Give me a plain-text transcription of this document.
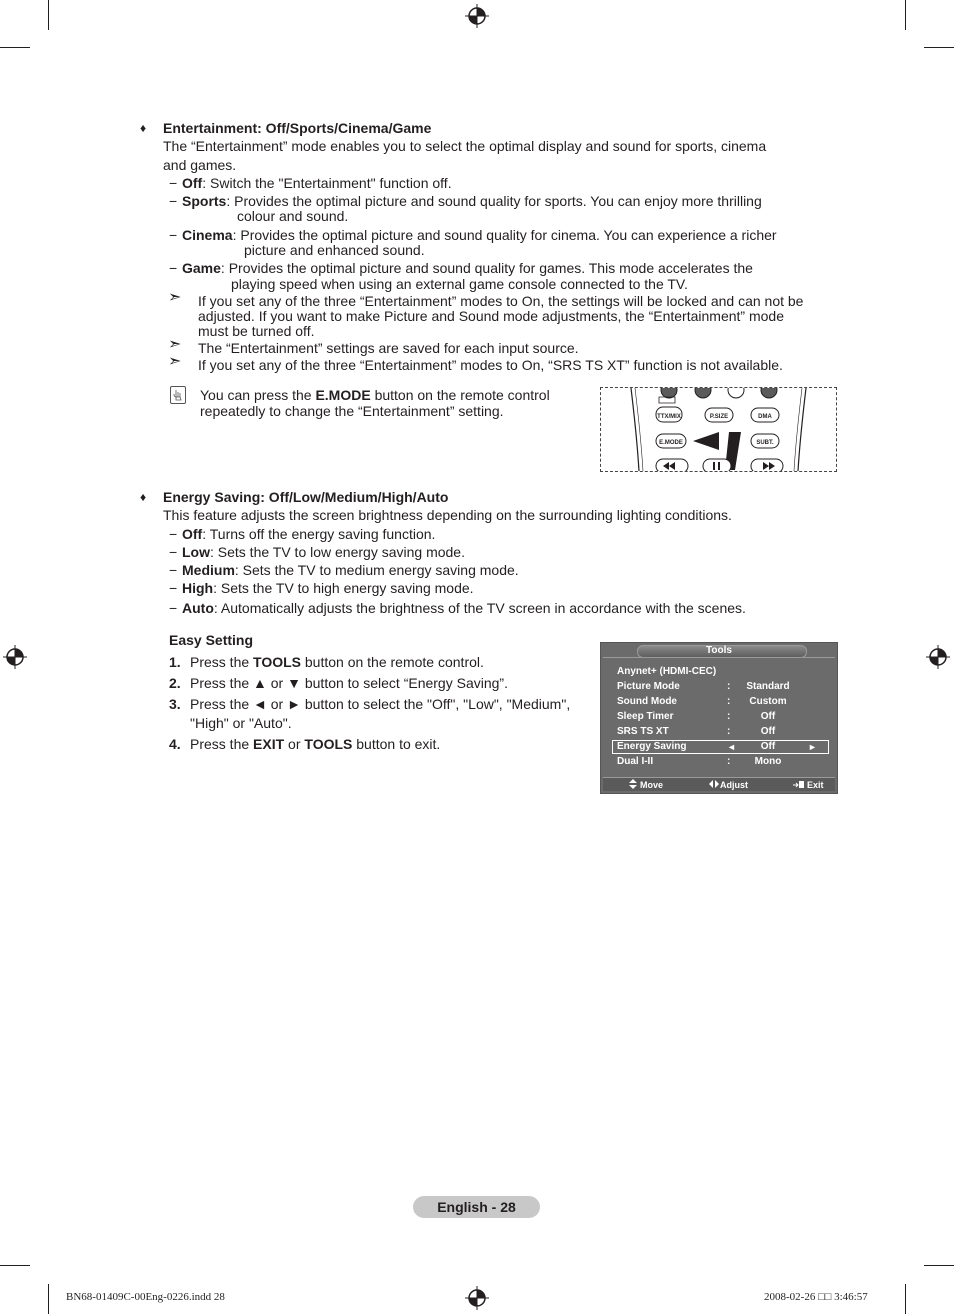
♦ Entertainment: Off/Sports/Cinema/Game
The “Entertainment” mode enables you to select the optimal display and sound for sports, cinema
and games.
− Off: Switch the "Entertainment" function off.
− Sports: Provides the optimal picture and sound quality for sports. You can enjoy more thrilling
colour and sound.
− Cinema: Provides the optimal picture and sound quality for cinema. You can experience a richer
picture and enhanced sound.
− Game: Provides the optimal picture and sound quality for games. This mode accelerates the
playing speed when using an external game console connected to the TV.
➣ If you set any of the three “Entertainment” modes to On, the settings will be locked and can not be
adjusted. If you want to make Picture and Sound mode adjustments, the “Entertainment” mode
must be turned off.
➣ The “Entertainment” settings are saved for each input source.
➣ If you set any of the three “Entertainment” modes to On, “SRS TS XT” function is not available.
You can press the E.MODE button on the remote control
repeatedly to change the “Entertainment” setting.	TTX/MIX	P.SIZE	DMA
E.MODE	SUBT.
♦ Energy Saving: Off/Low/Medium/High/Auto
This feature adjusts the screen brightness depending on the surrounding lighting conditions.
− Off: Turns off the energy saving function.
− Low: Sets the TV to low energy saving mode.
− Medium: Sets the TV to medium energy saving mode.
− High: Sets the TV to high energy saving mode.
− Auto: Automatically adjusts the brightness of the TV screen in accordance with the scenes.
Easy Setting
1. Press the TOOLS button on the remote control.
2. Press the ▲ or ▼ button to select “Energy Saving”.
3. Press the ◄ or ► button to select the "Off", "Low", "Medium",
"High" or "Auto".
4. Press the EXIT or TOOLS button to exit.
Tools
Anynet+ (HDMI-CEC)
Picture Mode	:	Standard
Sound Mode	:	Custom
Sleep Timer	:	Off
SRS TS XT	:	Off
Energy Saving	◄	Off	►
Dual I-II	:	Mono
Move	Adjust	Exit
English - 28
BN68-01409C-00Eng-0226.indd 28	2008-02-26 □□ 3:46:57
